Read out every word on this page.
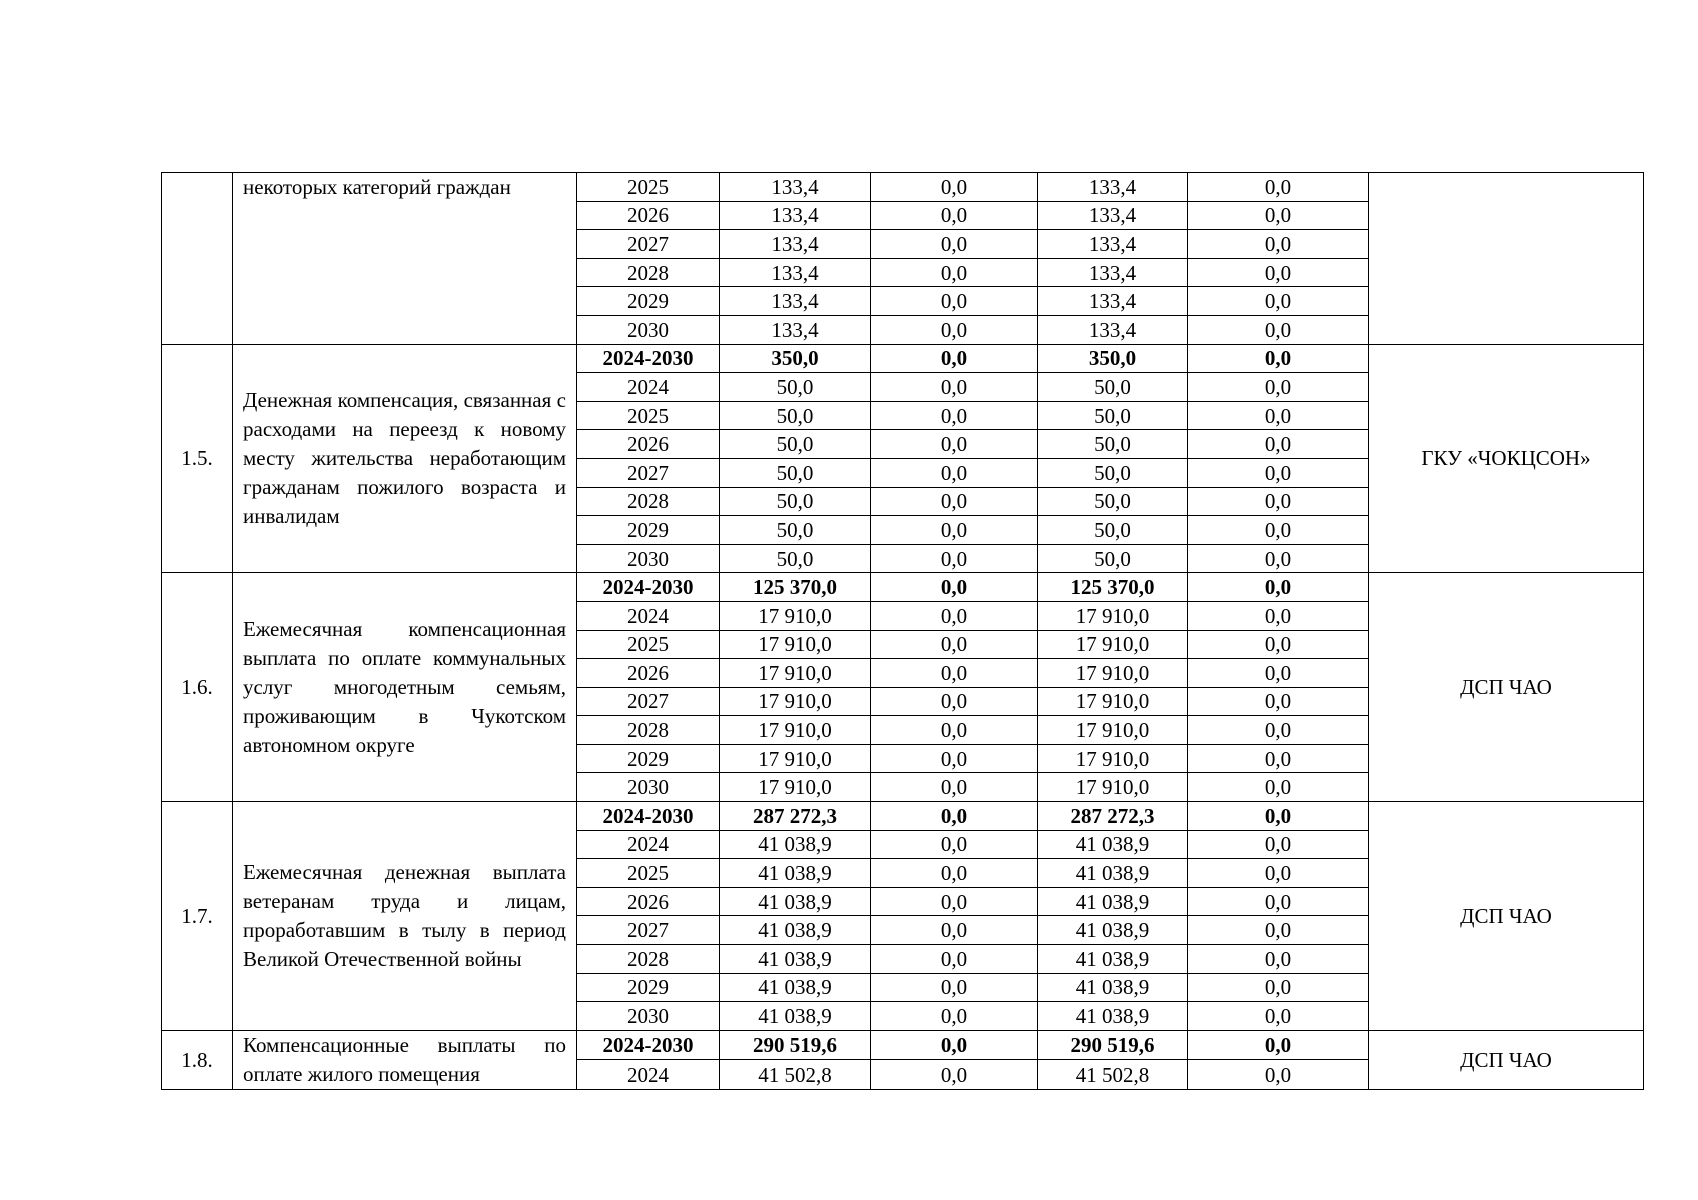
	некоторых категорий граждан	2025	133,4	0,0	133,4	0,0	
		2026	133,4	0,0	133,4	0,0	
		2027	133,4	0,0	133,4	0,0	
		2028	133,4	0,0	133,4	0,0	
		2029	133,4	0,0	133,4	0,0	
		2030	133,4	0,0	133,4	0,0	
1.5.	Денежная компенсация, связанная с расходами на переезд к новому месту жительства неработающим гражданам пожилого возраста и инвалидам	2024-2030	350,0	0,0	350,0	0,0	ГКУ «ЧОКЦСОН»
		2024	50,0	0,0	50,0	0,0	
		2025	50,0	0,0	50,0	0,0	
		2026	50,0	0,0	50,0	0,0	
		2027	50,0	0,0	50,0	0,0	
		2028	50,0	0,0	50,0	0,0	
		2029	50,0	0,0	50,0	0,0	
		2030	50,0	0,0	50,0	0,0	
1.6.	Ежемесячная компенсационная выплата по оплате коммунальных услуг многодетным семьям, проживающим в Чукотском автономном округе	2024-2030	125 370,0	0,0	125 370,0	0,0	ДСП ЧАО
		2024	17 910,0	0,0	17 910,0	0,0	
		2025	17 910,0	0,0	17 910,0	0,0	
		2026	17 910,0	0,0	17 910,0	0,0	
		2027	17 910,0	0,0	17 910,0	0,0	
		2028	17 910,0	0,0	17 910,0	0,0	
		2029	17 910,0	0,0	17 910,0	0,0	
		2030	17 910,0	0,0	17 910,0	0,0	
1.7.	Ежемесячная денежная выплата ветеранам труда и лицам, проработавшим в тылу в период Великой Отечественной войны	2024-2030	287 272,3	0,0	287 272,3	0,0	ДСП ЧАО
		2024	41 038,9	0,0	41 038,9	0,0	
		2025	41 038,9	0,0	41 038,9	0,0	
		2026	41 038,9	0,0	41 038,9	0,0	
		2027	41 038,9	0,0	41 038,9	0,0	
		2028	41 038,9	0,0	41 038,9	0,0	
		2029	41 038,9	0,0	41 038,9	0,0	
		2030	41 038,9	0,0	41 038,9	0,0	
1.8.	Компенсационные выплаты по оплате жилого помещения	2024-2030	290 519,6	0,0	290 519,6	0,0	ДСП ЧАО
		2024	41 502,8	0,0	41 502,8	0,0	
